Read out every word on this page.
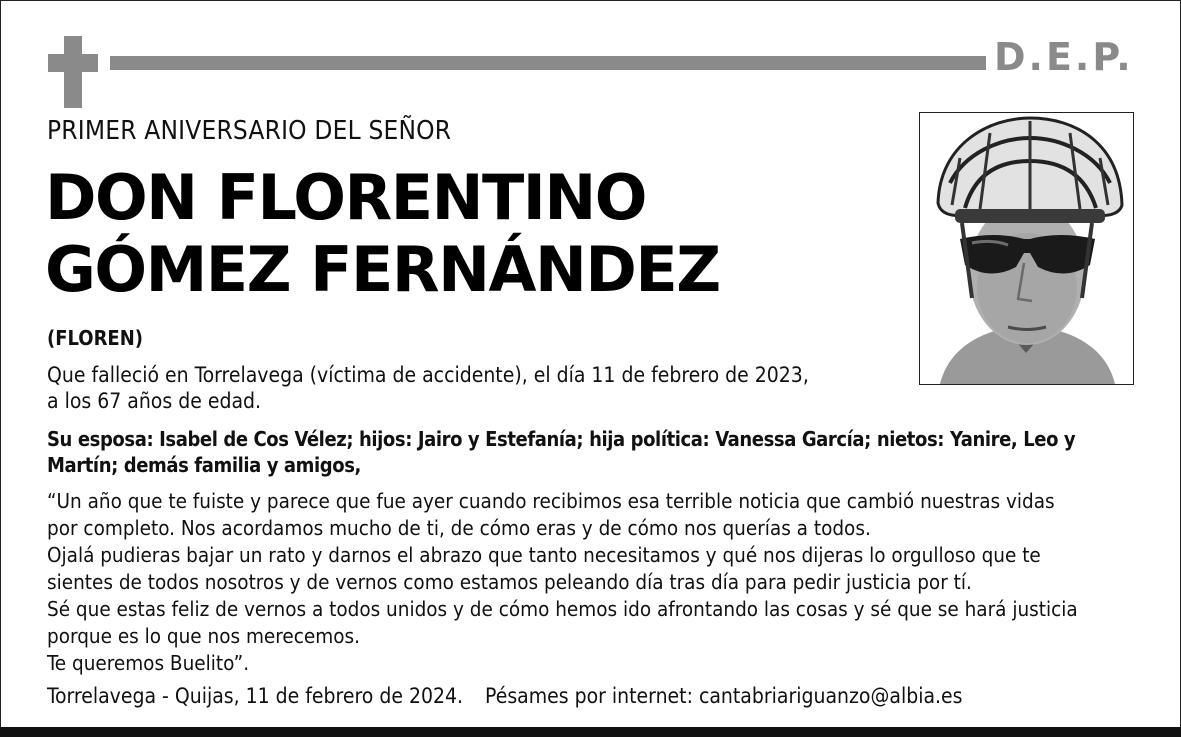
D.E.P.
PRIMER ANIVERSARIO DEL SEÑOR
DON FLORENTINO
GÓMEZ FERNÁNDEZ
(FLOREN)
Que falleció en Torrelavega (víctima de accidente), el día 11 de febrero de 2023,
a los 67 años de edad.
Su esposa: Isabel de Cos Vélez; hijos: Jairo y Estefanía; hija política: Vanessa García; nietos: Yanire, Leo y
Martín; demás familia y amigos,
“Un año que te fuiste y parece que fue ayer cuando recibimos esa terrible noticia que cambió nuestras vidas
por completo. Nos acordamos mucho de ti, de cómo eras y de cómo nos querías a todos.
Ojalá pudieras bajar un rato y darnos el abrazo que tanto necesitamos y qué nos dijeras lo orgulloso que te
sientes de todos nosotros y de vernos como estamos peleando día tras día para pedir justicia por tí.
Sé que estas feliz de vernos a todos unidos y de cómo hemos ido afrontando las cosas y sé que se hará justicia
porque es lo que nos merecemos.
Te queremos Buelito”.
Torrelavega - Quijas, 11 de febrero de 2024. Pésames por internet: cantabriariguanzo@albia.es
